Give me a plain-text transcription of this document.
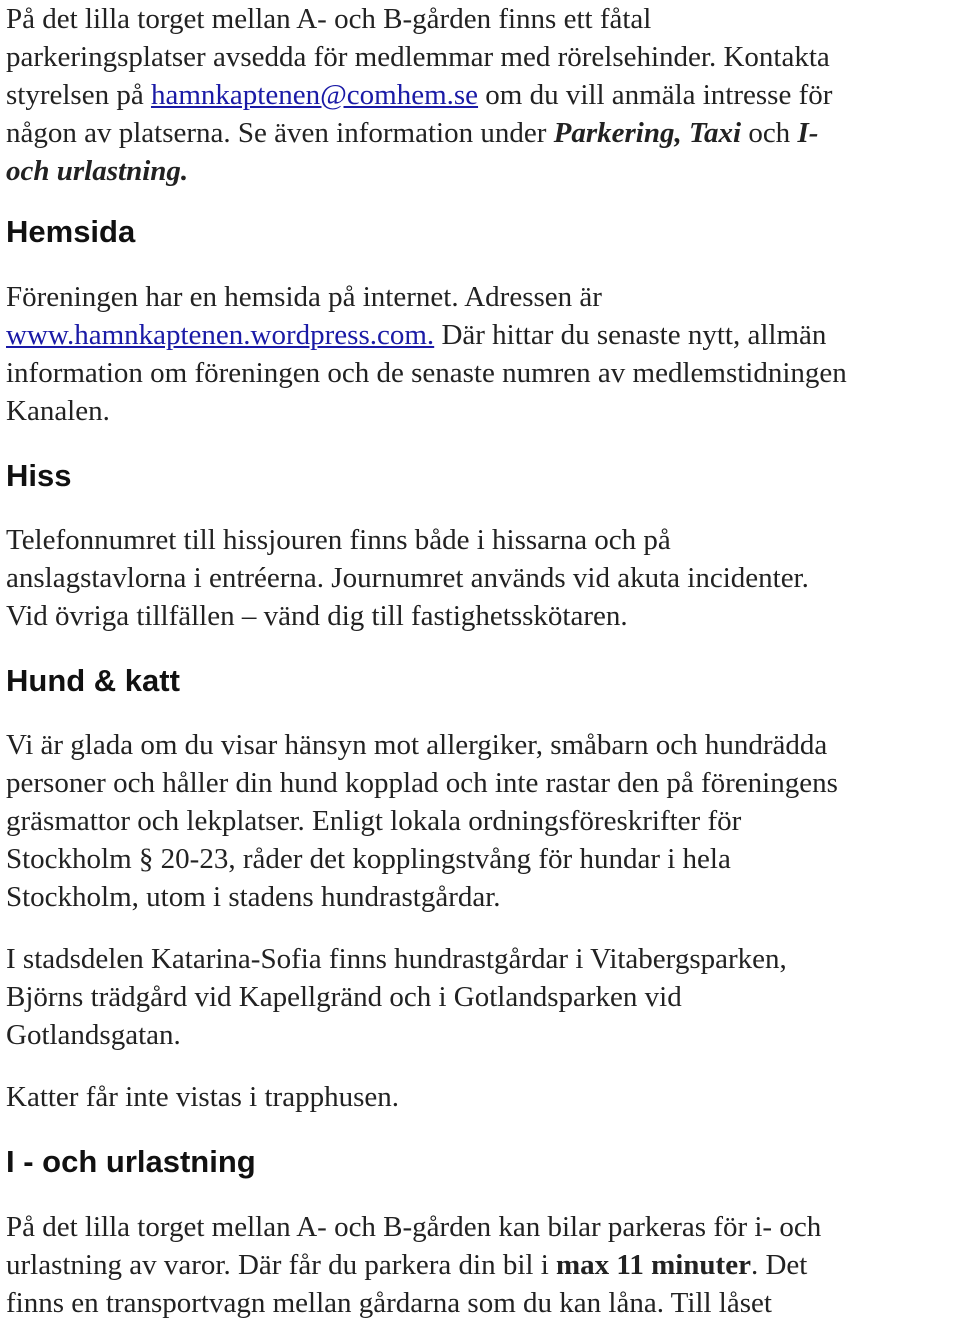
På det lilla torget mellan A- och B-gården finns ett fåtal

parkeringsplatser avsedda för medlemmar med rörelsehinder. Kontakta

styrelsen på hamnkaptenen@comhem.se om du vill anmäla intresse för

någon av platserna. Se även information under Parkering, Taxi och I-

och urlastning.

Hemsida

Föreningen har en hemsida på internet. Adressen är

www.hamnkaptenen.wordpress.com. Där hittar du senaste nytt, allmän

information om föreningen och de senaste numren av medlemstidningen

Kanalen.

Hiss

Telefonnumret till hissjouren finns både i hissarna och på

anslagstavlorna i entréerna. Journumret används vid akuta incidenter.

Vid övriga tillfällen – vänd dig till fastighetsskötaren.

Hund & katt

Vi är glada om du visar hänsyn mot allergiker, småbarn och hundrädda

personer och håller din hund kopplad och inte rastar den på föreningens

gräsmattor och lekplatser. Enligt lokala ordningsföreskrifter för

Stockholm § 20-23, råder det kopplingstvång för hundar i hela

Stockholm, utom i stadens hundrastgårdar.

I stadsdelen Katarina-Sofia finns hundrastgårdar i Vitabergsparken,

Björns trädgård vid Kapellgränd och i Gotlandsparken vid

Gotlandsgatan.

Katter får inte vistas i trapphusen.

I - och urlastning

På det lilla torget mellan A- och B-gården kan bilar parkeras för i- och

urlastning av varor. Där får du parkera din bil i max 11 minuter. Det

finns en transportvagn mellan gårdarna som du kan låna. Till låset
